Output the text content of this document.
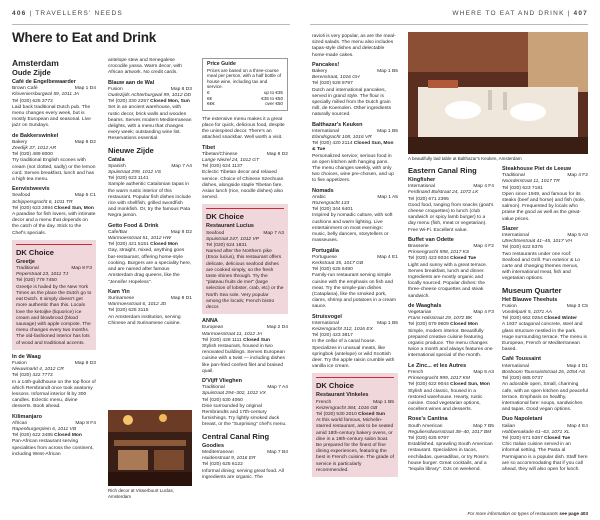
406 | TRAVELLERS' NEEDS	WHERE TO EAT AND DRINK | 407
Where to Eat and Drink
Amsterdam
Oude Zijde

Café de Engelbewaarder

Brown Café	Map 1 D4
Kloveniersburgwal 59, 1011 JA
Tel (020) 625 3772
Laid back traditional Dutch pub. The menu changes every week, but is mostly European and seasonal. Live jazz on Sundays.

de Bakkerswinkel

Bakery	Map 8 D2
Zeedijk 37, 1012 AR
Tel (020) 489 8000
Try traditional English scones with cream (not clotted, sadly) or the lemon curd. Serves breakfast, lunch and has a high tea menu.

Eenvistweevis

Seafood	Map 5 C1
Schippersgracht 6, 1011 TR
Tel (020) 623 2894 Closed Sun, Mon
A paradise for fish lovers, with intimate decor and a menu that depends on the catch of the day. Stick to the Chef's specials.

DK Choice
Greetje

Traditional	Map 8 F3
Peperstraat 23, 1011 TJ
Tel (020) 779 7450
Greetje is hailed by the New York Times as the place the Dutch go to eat Dutch. It simply doesn't get more authentic than this. Locals love the ketoijke (liquorice) ice cream and blowbrood (blood sausage) with apple compote. The menu changes every two months. The old-fashioned interior has lots of wood and traditional accents.

In de Waag

Fusion	Map 8 D3
Nieuwmarkt 4, 1012 CR
Tel (020) 422 7772
In a 14th-guildhouse on the top floor of which Rembrandt once took anatomy lessons. Informal interior lit by 300 candles. Eclectic menu, divine desserts. Book ahead.

Kilimanjaro

African	Map 8 F4
Rapenburgerplein 6, 1011 VB
Tel (020) 622 3485 Closed Mon
Pan-African restaurant serving specialities from across the continent, including West-African

antelope stew and Senegalese crocodile yassa. Warm decor, with African artwork. No credit cards.

Blauw aan de Wal

Fusion	Map 8 D3
Oudezijds Achterburgwal 99, 1012 DD
Tel (020) 330 2257 Closed Mon, Sun
Set in an ancient warehouse, with rustic decor, brick walls and wooden beams. Serves modern Mediterranean delights, with a menu that changes every week; outstanding wine list. Reservations essential.

Nieuwe Zijde

Catala

Spanish	Map 7 A4
Spuistraat 299, 1012 VS
Tel (020) 623 1141
Sample authentic Catalonian tapas in the warm rustic interior of this restaurant. Popular fish dishes include rice with shellfish, grilled swordfish and monkfish. Or, try the famous Pata Negra jamon.

Getto Food & Drink

Cafe/Bar	Map 8 D2
Warmoesstraat 51, 1012 HW
Tel (020) 421 5151 Closed Mon
Gay, straight, mixed, anything goes bar-restaurant, offering home-style cooking. Burgers are a speciality here, and are named after famous Amsterdam drag queens, like the "Jennifer Hopeless".

Kam Yin

Surinamese	Map 8 D1
Warmoesstraat 6, 1012 JD
Tel (020) 625 3115
An Amsterdam institution, serving Chinese and Surinamese cuisine.

Rich decor at Visserbuurt Luclas, Amsterdam
Price Guide
Prices are based on a three-course meal per person, with a half bottle of house wine, including tax and service.
€	up to €35
€€	€35 to €50
€€€	over €50

The extensive menu makes it a great place for quick, delicious food, despite the uninspired decor. There's an attached snackbar. Well worth a visit.

Tibet

Tibetan/Chinese	Map 8 D2
Lange Niezel 24, 1012 GT
Tel (020) 624 1137
Eclectic Tibetan decor and relaxed service. Choice of Chinese Szechuan dishes, alongside staple Tibetan fare. Asian lunch (rice, noodle dishes) also served.

DK Choice
Restaurant Lucius

Seafood	Map 7 A3
Spuistraat 247, 1012 VP
Tel (020) 624 1831
Named after the Northern pike (Esox lucius), this restaurant offers delicate, delicious seafood dishes are cooked simply, so the fresh taste shines through. Try the "plateau fruits de mer" (large selection of lobster, crab, etc) or the North Sea sole. Very popular among the locals; French bistro decor.

ANNA

European	Map 2 D4
Warmoesstraat 11, 1012 JA
Tel (020) 428 1111 Closed Sun
Stylish restaurant, housed in two renovated buildings. Serves European cuisine with a twist — including dishes like pan-fried confest filet and braised quail.

D'Vijff Vlieghen

Traditional	Map 7 A4
Spuistraat 294–302, 1012 VX
Tel (020) 530 4060
Dine surrounded by original Rembrandts and 17th-century furnishings. Try lightly smoked duck breast, or the "Surprising" chef's menu.

Central Canal Ring

Goodies

Mediterranean	Map 7 B4
Huidenstraat 9, 1016 ER
Tel (020) 625 6122
Informal dining; serving great food. All ingredients are organic. The

ravioli is very popular, as are the meal-sized salads. The menu also includes tapas-style dishes and delectable home-made cakes.

Pancakes!

Bakery	Map 1 B5
Berenstraat, 1016 GH
Tel (020) 528 9797
Dutch and international pancakes, served in grand style. The flour is specially milled from the Dutch grain mill, de Koemolen. Other ingredients naturally sourced.

Balthazar's Keuken

International	Map 1 B5
Elandsgracht 108, 1016 VR
Tel (020) 420 2114 Closed Sun, Mon & Tue
Personalized service; serious food in an open kitchen with hanging pans. The menu changes weekly, with only two choices, wine pre-chosen, and up to five appetizers.

Nomads

Arabic	Map 1 A5
Rozengracht 133
Tel (020) 344 6401
Inspired by nomadic culture, with soft cushions and warm lighting. Live entertainment on most evenings: music, belly dancers, storytellers or masseuses.

Portugália

Portuguese	Map 4 E1
Kerkstraat 35, 1017 GB
Tel (020) 625 6490
Family-run restaurant serving simple cuisine with the emphasis on fish and meat. Try the simple-pan dishes (Cataplana), like the smoked pork, clams, shrimp and potatoes in a cream sauce.

Struisvogel

International	Map 1 B5
Keizersgracht 312, 1016 EX
Tel (020) 423 3817
In the cellar of a canal house. Specializes in unusual meats, like springbok (antelope) or wild Scottish deer. Try the apple raisin crumble with vanilla ice cream.

DK Choice
Restaurant Vinkeles

French	Map 1 B5
Keizersgracht 384, 1016 GB
Tel (020) 530 2010 Closed Sun
At this world famous, Michelin-starred restaurant, ask to be seated amid 18th-century bakery ovens, or dine in a 19th-century salon boat. Be prepared for the finest of fine dining experiences, featuring the best in French cuisine. The grade of service is particularly recommended.
A beautifully laid table at Balthazar's Keuken, Amsterdam
Eastern Canal Ring

Kingfisher

International	Map 4 F4
Ferdinand Bolstraat 24, 1072 LK
Tel (020) 671 2395
Good food, ranging from snacks (goat's cheese croquettes) to lunch (club sandwich or spicy lamb burger) to a day menu (fish, meat or vegetarian). Free Wi-Fi. Excellent value.

Buffet van Odette

Brasserie	Map 4 F2
Prinsengracht 598, 1017 KS
Tel (020) 423 6034 Closed Tue
Light and sunny with a great terrace. Serves breakfast, lunch and dinner. Ingredients are mostly organic and locally sourced. Popular dishes: the three-cheese croquettes and steak sandwich.

de Waaghals

Vegetarian	Map 4 F3
Frans Halsstraat 29, 1072 BK
Tel (020) 679 9609 Closed Mon
Simple, modern interior. Beautifully prepared creative cuisine featuring organic produce. The menu changes twice a month and always features one international special of the month.

Le Zinc... et les Autres

French	Map 5 A3
Prinsengracht 999, 1017 KM
Tel (020) 622 9044 Closed Sun, Mon
Stylish and classic, housed in a restored warehouse. Hearty, rustic cuisine. Good vegetarian options, excellent wines and desserts.

Rose's Cantina

South American	Map 7 B5
Reguliersdwarsstraat 38–40, 1017 BM
Tel (020) 625 9797
Established, sprawling South American restaurant. Specializes in tacos, enchiladas, quesadillas, or try Rose's house burger. Great cocktails, and a "tequila library". DJs on weekend.

Steakhouse Piet de Leeuw

Traditional	Map 4 F2
Noorderstraat 11, 1017 TR
Tel (020) 623 7181
Open since 1949, and famous for its steaks (beef and horse) and fish (sole, salmon). Frequented by locals who praise the good as well as the great-value prices.

Slazer

International	Map 5 A3
Utrechtsestraat 41–45, 1017 VH
Tel (020) 622 6376
Two restaurants under one roof: Seafood and Grill. Fun exterior & Lo carte and changing themes menus, with international meat, fish and vegetarian options.

Museum Quarter

Het Blauwe Theehuis

Fusion	Map 3 C5
Vondelpark 5, 1071 AA
Tel (020) 662 0254 Closed Winter
A 1937 octagonal concrete, steel and glass structure nestled in the park. Huge surrounding terrace. The menu is European, French or Mediterranean based.

Café Toussaint

International	Map 4 D1
Bosboom Toussaintstraat 26, 1054 AS
Tel (020) 685 0737
An adorable open, Small, charming cafe, with an open kitchen and peaceful terrace. Emphasis on healthy, international fare: soups, sandwiches and tapas. Good vegan options.

Duo Napoletani

Italian	Map 4 E4
Hobbemakade 61–63, 1071 XL
Tel (020) 671 5367 Closed Tue
Chic Italian cuisine served in an informal setting. The Pasta al Parmigiano is a popular dish. Staff here are so accommodating that if you call ahead, they will also open for lunch.

For more information on types of restaurants see page 403
